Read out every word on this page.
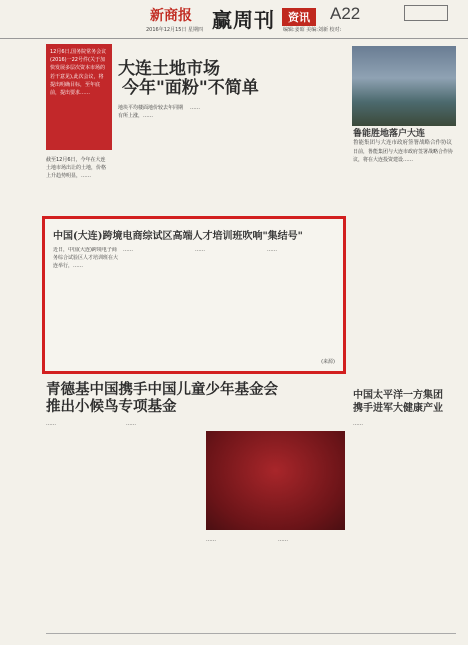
新商报
2016年12月15日 星期四 赢周刊	资讯	A22
编辑:姜昭 美编:刘新 校对:
12月6日,国务院常务会议(2016)一22号件(关于加快发展多层次资本市场的若干意见),此次会议，将提出明确目标，至年底前，提出要求……
大连土地市场
今年"面粉"不简单
截至12月6日，今年在大连土地市场出让的土地，价格上升趋势明显，……
地块平均楼面地价较去年同期有所上涨，……
……
鲁能胜地落户大连
鲁能集团与大连市政府签署战略合作协议
日前，鲁能集团与大连市政府签署战略合作协议，将在大连投资建设……
中国(大连)跨境电商综试区高端人才培训班吹响"集结号"
近日，中国(大连)跨境电子商务综合试验区人才培训班在大连举行，……
……	……	……
(来源)
青德基中国携手中国儿童少年基金会
推出小候鸟专项基金
……	……
……	……
中国太平洋一方集团
携手进军大健康产业
……
